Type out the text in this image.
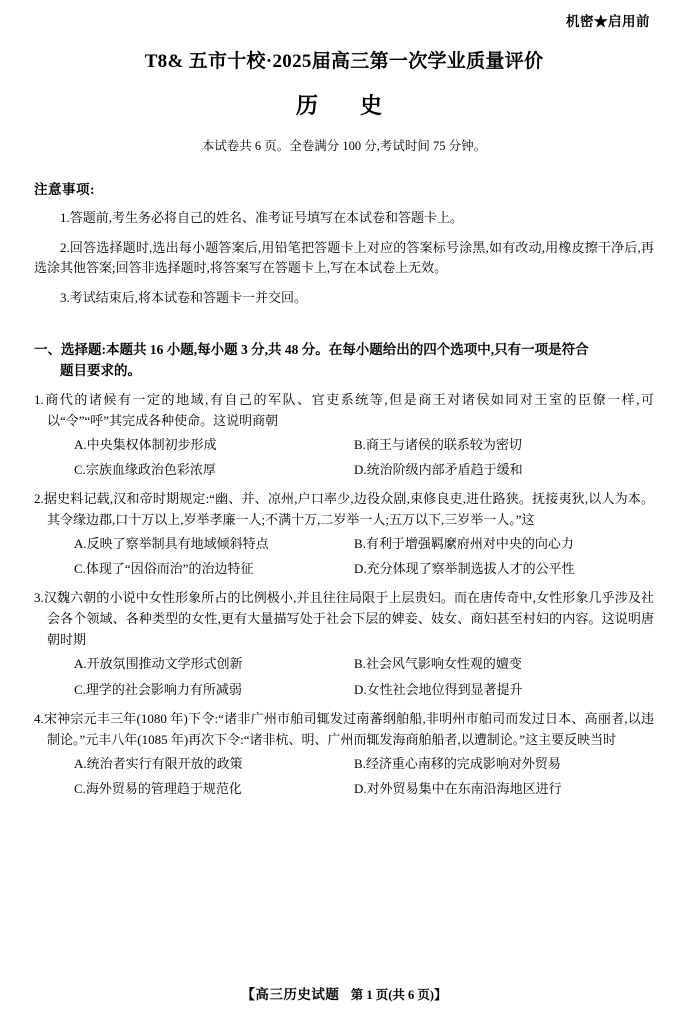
机密★启用前
T8& 五市十校·2025届高三第一次学业质量评价
历　史
本试卷共 6 页。全卷满分 100 分,考试时间 75 分钟。
注意事项:
1.答题前,考生务必将自己的姓名、准考证号填写在本试卷和答题卡上。
2.回答选择题时,选出每小题答案后,用铅笔把答题卡上对应的答案标号涂黑,如有改动,用橡皮擦干净后,再选涂其他答案;回答非选择题时,将答案写在答题卡上,写在本试卷上无效。
3.考试结束后,将本试卷和答题卡一并交回。
一、选择题:本题共 16 小题,每小题 3 分,共 48 分。在每小题给出的四个选项中,只有一项是符合
题目要求的。
1.商代的诸候有一定的地域,有自己的军队、官吏系统等,但是商王对诸侯如同对王室的臣僚一样,可以“令”“呼”其完成各种使命。这说明商朝
A.中央集权体制初步形成	B.商王与诸侯的联系较为密切
C.宗族血缘政治色彩浓厚	D.统治阶级内部矛盾趋于缓和
2.据史料记载,汉和帝时期规定:“幽、并、凉州,户口率少,边役众剧,束修良吏,进仕路狭。抚接夷狄,以人为本。其令缘边郡,口十万以上,岁举孝廉一人;不满十万,二岁举一人;五万以下,三岁举一人。”这
A.反映了察举制具有地域倾斜特点	B.有利于增强羁縻府州对中央的向心力
C.体现了“因俗而治”的治边特征	D.充分体现了察举制选拔人才的公平性
3.汉魏六朝的小说中女性形象所占的比例极小,并且往往局限于上层贵妇。而在唐传奇中,女性形象几乎涉及社会各个领域、各种类型的女性,更有大量描写处于社会下层的婢妾、妓女、商妇甚至村妇的内容。这说明唐朝时期
A.开放氛围推动文学形式创新	B.社会风气影响女性观的嬗变
C.理学的社会影响力有所减弱	D.女性社会地位得到显著提升
4.宋神宗元丰三年(1080 年)下令:“诸非广州市舶司辄发过南蕃纲舶船,非明州市舶司而发过日本、高丽者,以违制论。”元丰八年(1085 年)再次下令:“诸非杭、明、广州而辄发海商舶船者,以遭制论。”这主要反映当时
A.统治者实行有限开放的政策	B.经济重心南移的完成影响对外贸易
C.海外贸易的管理趋于规范化	D.对外贸易集中在东南沿海地区进行
【高三历史试题 第 1 页(共 6 页)】
